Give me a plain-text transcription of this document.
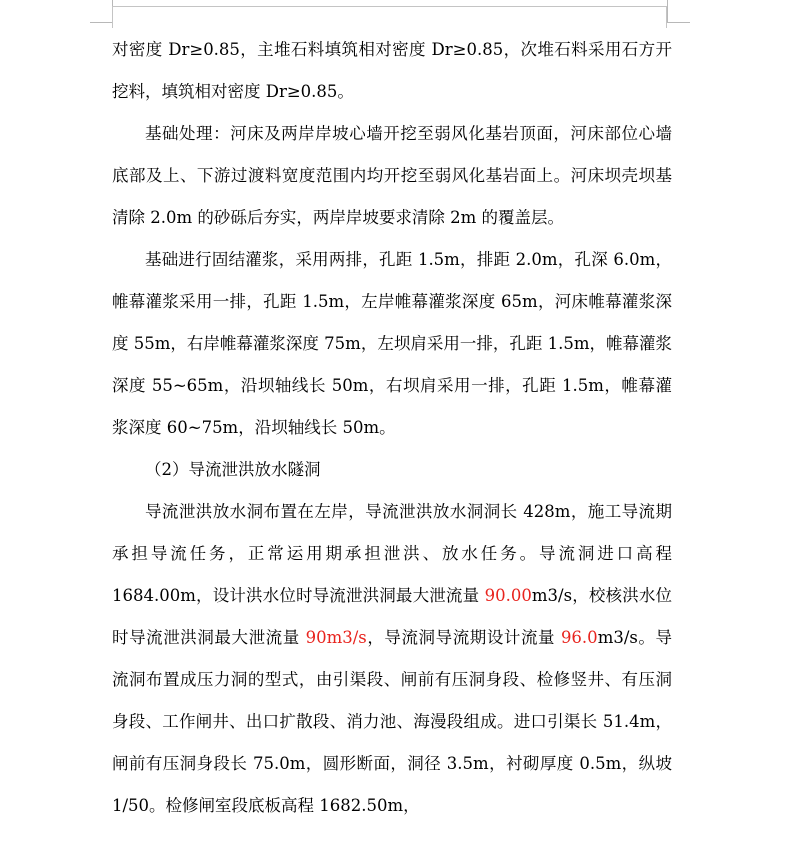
对密度 Dr≥0.85，主堆石料填筑相对密度 Dr≥0.85，次堆石料采用石方开挖料，填筑相对密度 Dr≥0.85。

基础处理：河床及两岸岸坡心墙开挖至弱风化基岩顶面，河床部位心墙底部及上、下游过渡料宽度范围内均开挖至弱风化基岩面上。河床坝壳坝基清除 2.0m 的砂砾后夯实，两岸岸坡要求清除 2m 的覆盖层。

基础进行固结灌浆，采用两排，孔距 1.5m，排距 2.0m，孔深 6.0m，帷幕灌浆采用一排，孔距 1.5m，左岸帷幕灌浆深度 65m，河床帷幕灌浆深度 55m，右岸帷幕灌浆深度 75m，左坝肩采用一排，孔距 1.5m，帷幕灌浆深度 55~65m，沿坝轴线长 50m，右坝肩采用一排，孔距 1.5m，帷幕灌浆深度 60~75m，沿坝轴线长 50m。

（2）导流泄洪放水隧洞

导流泄洪放水洞布置在左岸，导流泄洪放水洞洞长 428m，施工导流期承担导流任务，正常运用期承担泄洪、放水任务。导流洞进口高程 1684.00m，设计洪水位时导流泄洪洞最大泄流量 90.00m3/s，校核洪水位时导流泄洪洞最大泄流量 90m3/s，导流洞导流期设计流量 96.0m3/s。导流洞布置成压力洞的型式，由引渠段、闸前有压洞身段、检修竖井、有压洞身段、工作闸井、出口扩散段、消力池、海漫段组成。进口引渠长 51.4m，闸前有压洞身段长 75.0m，圆形断面，洞径 3.5m，衬砌厚度 0.5m，纵坡 1/50。检修闸室段底板高程 1682.50m，
